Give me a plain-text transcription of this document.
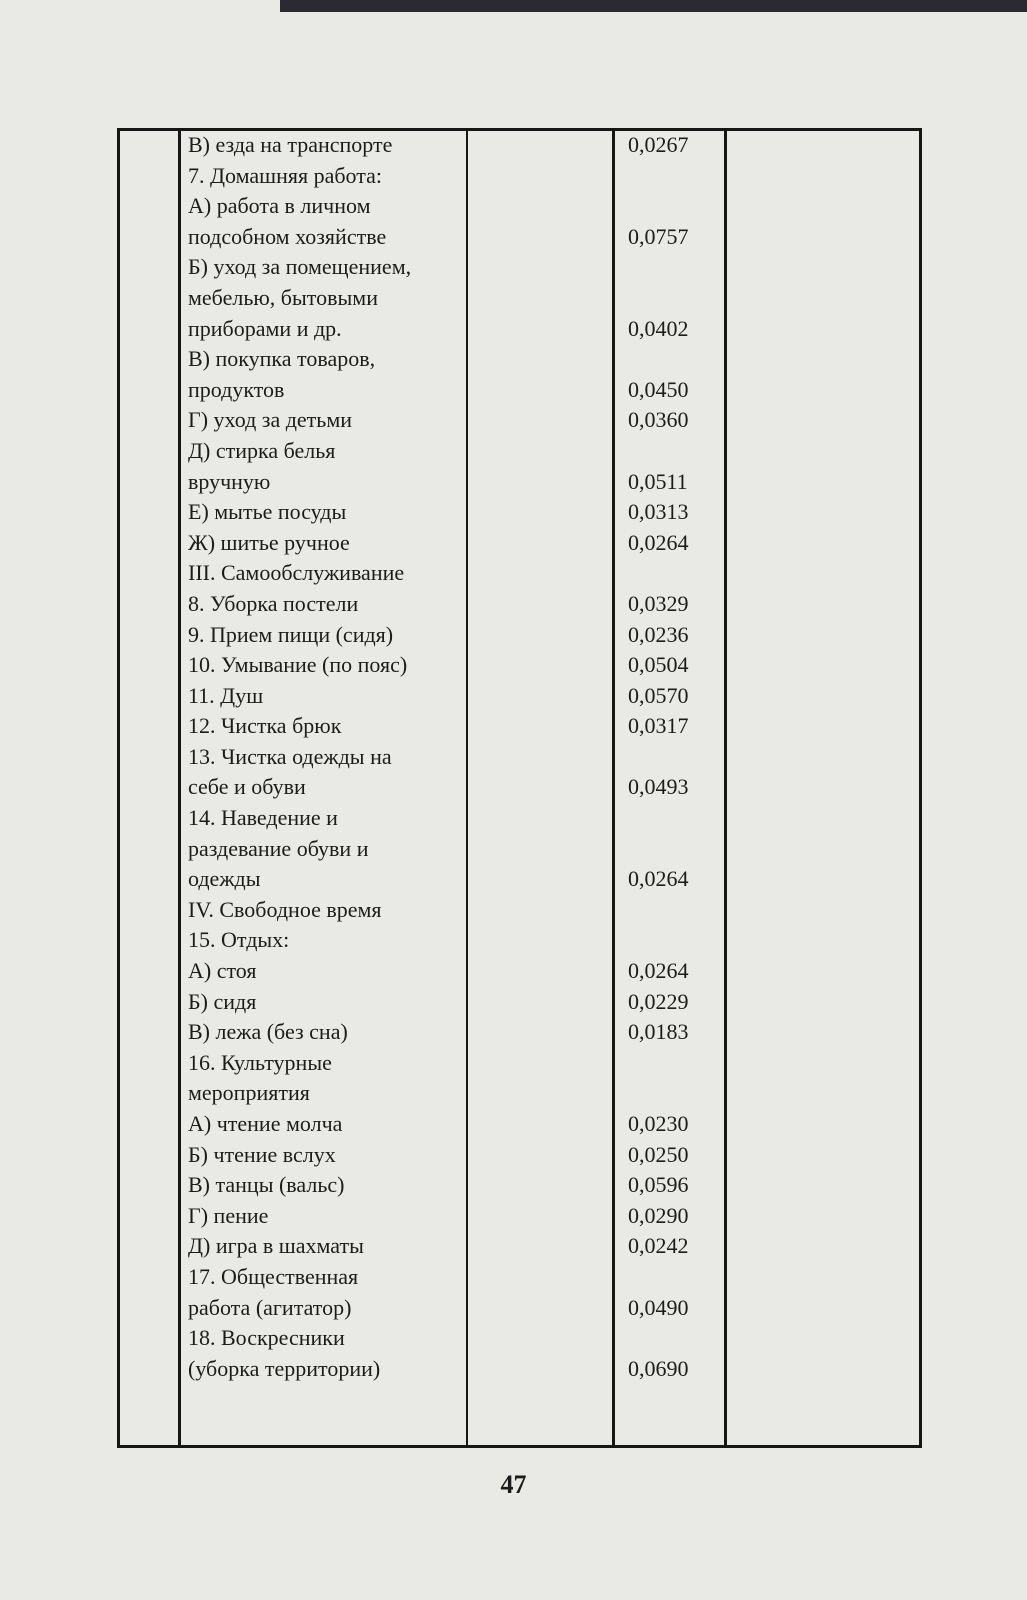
В) езда на транспорте	0,0267
7. Домашняя работа:
А) работа в личном
подсобном хозяйстве	0,0757
Б) уход за помещением,
мебелью, бытовыми
приборами и др.	0,0402
В) покупка товаров,
продуктов	0,0450
Г) уход за детьми	0,0360
Д) стирка белья
вручную	0,0511
Е) мытье посуды	0,0313
Ж) шитье ручное	0,0264
III. Самообслуживание
8. Уборка постели	0,0329
9. Прием пищи (сидя)	0,0236
10. Умывание (по пояс)	0,0504
11. Душ	0,0570
12. Чистка брюк	0,0317
13. Чистка одежды на
себе и обуви	0,0493
14. Наведение и
раздевание обуви и
одежды	0,0264
IV. Свободное время
15. Отдых:
А) стоя	0,0264
Б) сидя	0,0229
В) лежа (без сна)	0,0183
16. Культурные
мероприятия
А) чтение молча	0,0230
Б) чтение вслух	0,0250
В) танцы (вальс)	0,0596
Г) пение	0,0290
Д) игра в шахматы	0,0242
17. Общественная
работа (агитатор)	0,0490
18. Воскресники
(уборка территории)	0,0690
47
